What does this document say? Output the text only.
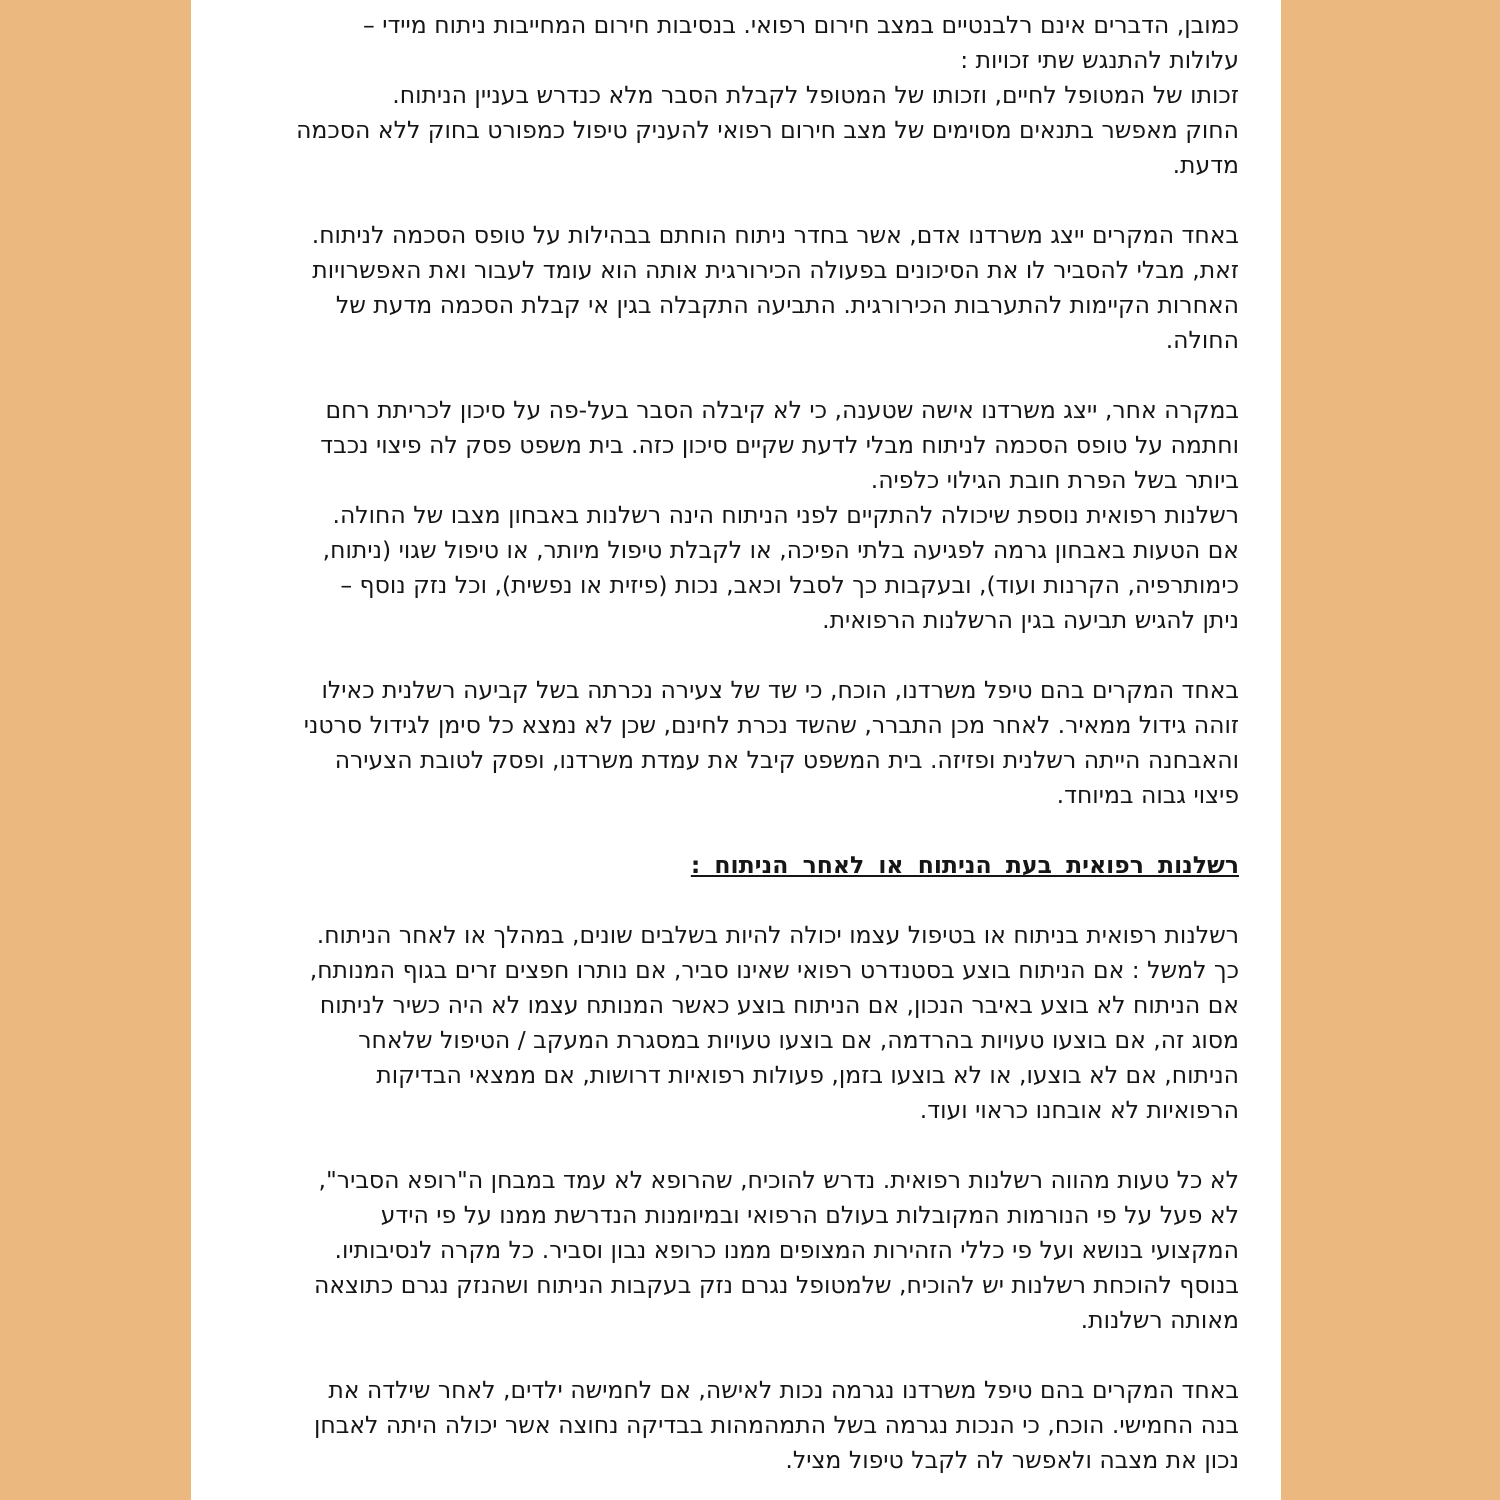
כמובן, הדברים אינם רלבנטיים במצב חירום רפואי. בנסיבות חירום המחייבות ניתוח מיידי –
עלולות להתנגש שתי זכויות :
זכותו של המטופל לחיים, וזכותו של המטופל לקבלת הסבר מלא כנדרש בעניין הניתוח.
החוק מאפשר בתנאים מסוימים של מצב חירום רפואי להעניק טיפול כמפורט בחוק ללא הסכמה
מדעת.
באחד המקרים ייצג משרדנו אדם, אשר בחדר ניתוח הוחתם בבהילות על טופס הסכמה לניתוח.
זאת, מבלי להסביר לו את הסיכונים בפעולה הכירורגית אותה הוא עומד לעבור ואת האפשרויות
האחרות הקיימות להתערבות הכירורגית. התביעה התקבלה בגין אי קבלת הסכמה מדעת של
החולה.
במקרה אחר, ייצג משרדנו אישה שטענה, כי לא קיבלה הסבר בעל-פה על סיכון לכריתת רחם
וחתמה על טופס הסכמה לניתוח מבלי לדעת שקיים סיכון כזה. בית משפט פסק לה פיצוי נכבד
ביותר בשל הפרת חובת הגילוי כלפיה.
רשלנות רפואית נוספת שיכולה להתקיים לפני הניתוח הינה רשלנות באבחון מצבו של החולה.
אם הטעות באבחון גרמה לפגיעה בלתי הפיכה, או לקבלת טיפול מיותר, או טיפול שגוי (ניתוח,
כימותרפיה, הקרנות ועוד), ובעקבות כך לסבל וכאב, נכות (פיזית או נפשית), וכל נזק נוסף –
ניתן להגיש תביעה בגין הרשלנות הרפואית.
באחד המקרים בהם טיפל משרדנו, הוכח, כי שד של צעירה נכרתה בשל קביעה רשלנית כאילו
זוהה גידול ממאיר. לאחר מכן התברר, שהשד נכרת לחינם, שכן לא נמצא כל סימן לגידול סרטני
והאבחנה הייתה רשלנית ופזיזה. בית המשפט קיבל את עמדת משרדנו, ופסק לטובת הצעירה
פיצוי גבוה במיוחד.
רשלנות רפואית בעת הניתוח או לאחר הניתוח :
רשלנות רפואית בניתוח או בטיפול עצמו יכולה להיות בשלבים שונים, במהלך או לאחר הניתוח.
כך למשל : אם הניתוח בוצע בסטנדרט רפואי שאינו סביר, אם נותרו חפצים זרים בגוף המנותח,
אם הניתוח לא בוצע באיבר הנכון, אם הניתוח בוצע כאשר המנותח עצמו לא היה כשיר לניתוח
מסוג זה, אם בוצעו טעויות בהרדמה, אם בוצעו טעויות במסגרת המעקב / הטיפול שלאחר
הניתוח, אם לא בוצעו, או לא בוצעו בזמן, פעולות רפואיות דרושות, אם ממצאי הבדיקות
הרפואיות לא אובחנו כראוי ועוד.
לא כל טעות מהווה רשלנות רפואית. נדרש להוכיח, שהרופא לא עמד במבחן ה"רופא הסביר",
לא פעל על פי הנורמות המקובלות בעולם הרפואי ובמיומנות הנדרשת ממנו על פי הידע
המקצועי בנושא ועל פי כללי הזהירות המצופים ממנו כרופא נבון וסביר. כל מקרה לנסיבותיו.
בנוסף להוכחת רשלנות יש להוכיח, שלמטופל נגרם נזק בעקבות הניתוח ושהנזק נגרם כתוצאה
מאותה רשלנות.
באחד המקרים בהם טיפל משרדנו נגרמה נכות לאישה, אם לחמישה ילדים, לאחר שילדה את
בנה החמישי. הוכח, כי הנכות נגרמה בשל התמהמהות בבדיקה נחוצה אשר יכולה היתה לאבחן
נכון את מצבה ולאפשר לה לקבל טיפול מציל.
